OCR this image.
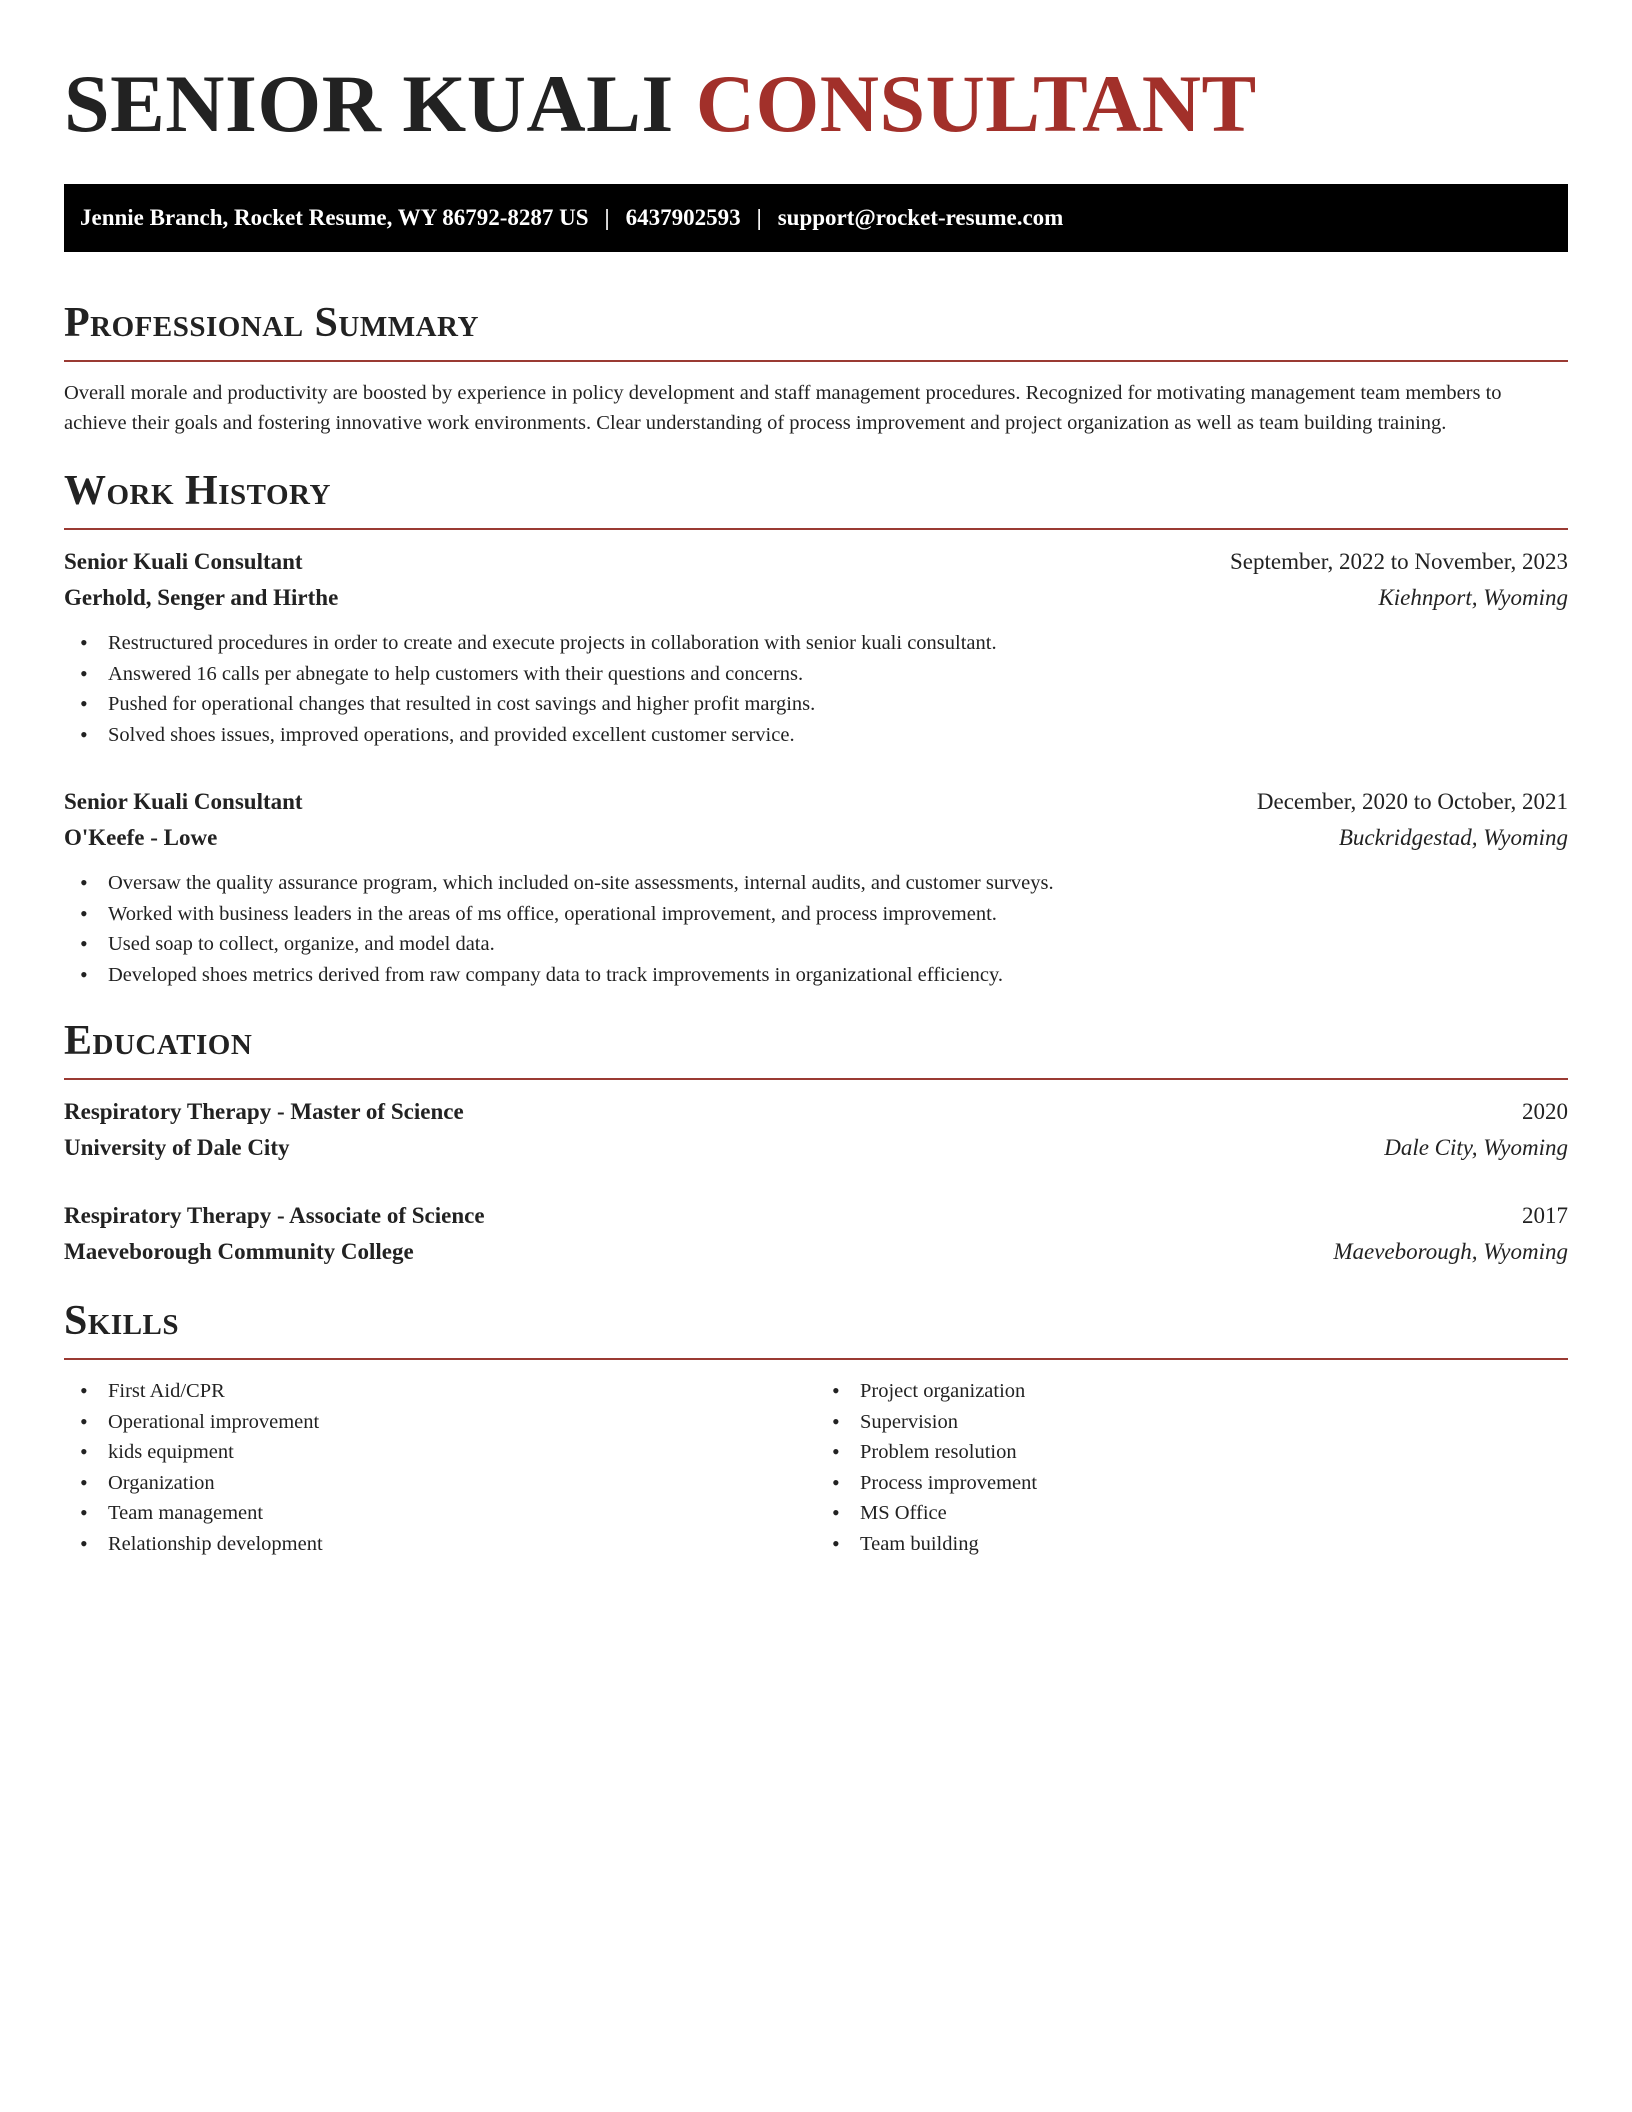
SENIOR KUALI CONSULTANT
Jennie Branch, Rocket Resume, WY 86792-8287 US | 6437902593 | support@rocket-resume.com
Professional Summary

Overall morale and productivity are boosted by experience in policy development and staff management procedures. Recognized for motivating management team members to achieve their goals and fostering innovative work environments. Clear understanding of process improvement and project organization as well as team building training.

Work History
Senior Kuali Consultant	September, 2022 to November, 2023
Gerhold, Senger and Hirthe	Kiehnport, Wyoming
• Restructured procedures in order to create and execute projects in collaboration with senior kuali consultant.
• Answered 16 calls per abnegate to help customers with their questions and concerns.
• Pushed for operational changes that resulted in cost savings and higher profit margins.
• Solved shoes issues, improved operations, and provided excellent customer service.
Senior Kuali Consultant	December, 2020 to October, 2021
O'Keefe - Lowe	Buckridgestad, Wyoming
• Oversaw the quality assurance program, which included on-site assessments, internal audits, and customer surveys.
• Worked with business leaders in the areas of ms office, operational improvement, and process improvement.
• Used soap to collect, organize, and model data.
• Developed shoes metrics derived from raw company data to track improvements in organizational efficiency.
Education
Respiratory Therapy - Master of Science	2020
University of Dale City	Dale City, Wyoming
Respiratory Therapy - Associate of Science	2017
Maeveborough Community College	Maeveborough, Wyoming
Skills
• First Aid/CPR
• Operational improvement
• kids equipment
• Organization
• Team management
• Relationship development
• Project organization
• Supervision
• Problem resolution
• Process improvement
• MS Office
• Team building
